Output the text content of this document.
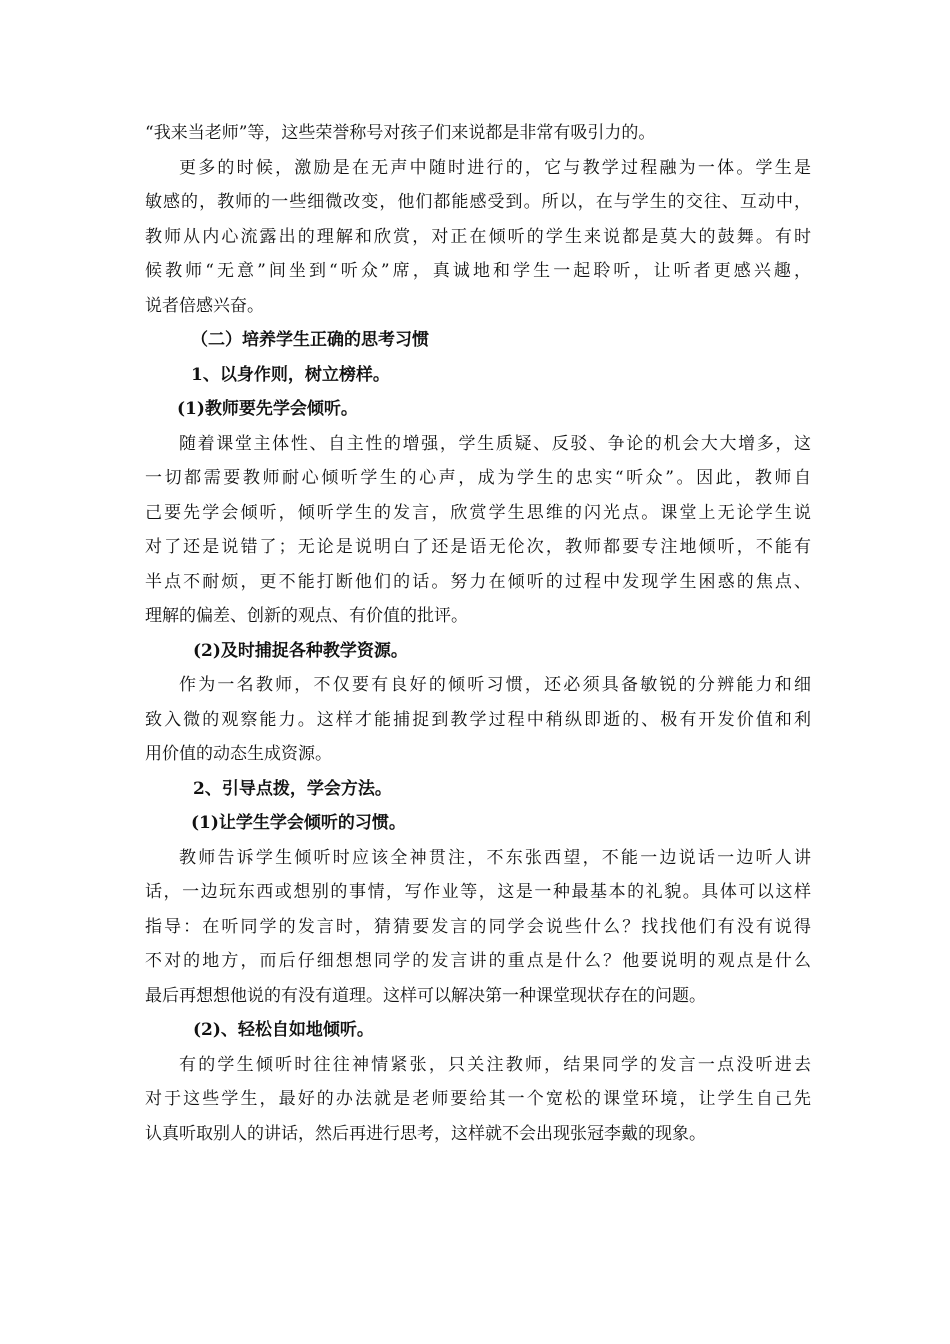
“我来当老师”等，这些荣誉称号对孩子们来说都是非常有吸引力的。
更多的时候，激励是在无声中随时进行的，它与教学过程融为一体。学生是
敏感的，教师的一些细微改变，他们都能感受到。所以，在与学生的交往、互动中，
教师从内心流露出的理解和欣赏，对正在倾听的学生来说都是莫大的鼓舞。有时
候教师“无意”间坐到“听众”席，真诚地和学生一起聆听，让听者更感兴趣，
说者倍感兴奋。
（二）培养学生正确的思考习惯
1、以身作则，树立榜样。
(1)教师要先学会倾听。
随着课堂主体性、自主性的增强，学生质疑、反驳、争论的机会大大增多，这
一切都需要教师耐心倾听学生的心声，成为学生的忠实“听众”。因此，教师自
己要先学会倾听，倾听学生的发言，欣赏学生思维的闪光点。课堂上无论学生说
对了还是说错了；无论是说明白了还是语无伦次，教师都要专注地倾听，不能有
半点不耐烦，更不能打断他们的话。努力在倾听的过程中发现学生困惑的焦点、
理解的偏差、创新的观点、有价值的批评。
(2)及时捕捉各种教学资源。
作为一名教师，不仅要有良好的倾听习惯，还必须具备敏锐的分辨能力和细
致入微的观察能力。这样才能捕捉到教学过程中稍纵即逝的、极有开发价值和利
用价值的动态生成资源。
2、引导点拨，学会方法。
(1)让学生学会倾听的习惯。
教师告诉学生倾听时应该全神贯注，不东张西望，不能一边说话一边听人讲
话，一边玩东西或想别的事情，写作业等，这是一种最基本的礼貌。具体可以这样
指导：在听同学的发言时，猜猜要发言的同学会说些什么？找找他们有没有说得
不对的地方，而后仔细想想同学的发言讲的重点是什么？他要说明的观点是什么
最后再想想他说的有没有道理。这样可以解决第一种课堂现状存在的问题。
(2)、轻松自如地倾听。
有的学生倾听时往往神情紧张，只关注教师，结果同学的发言一点没听进去
对于这些学生，最好的办法就是老师要给其一个宽松的课堂环境，让学生自己先
认真听取别人的讲话，然后再进行思考，这样就不会出现张冠李戴的现象。
